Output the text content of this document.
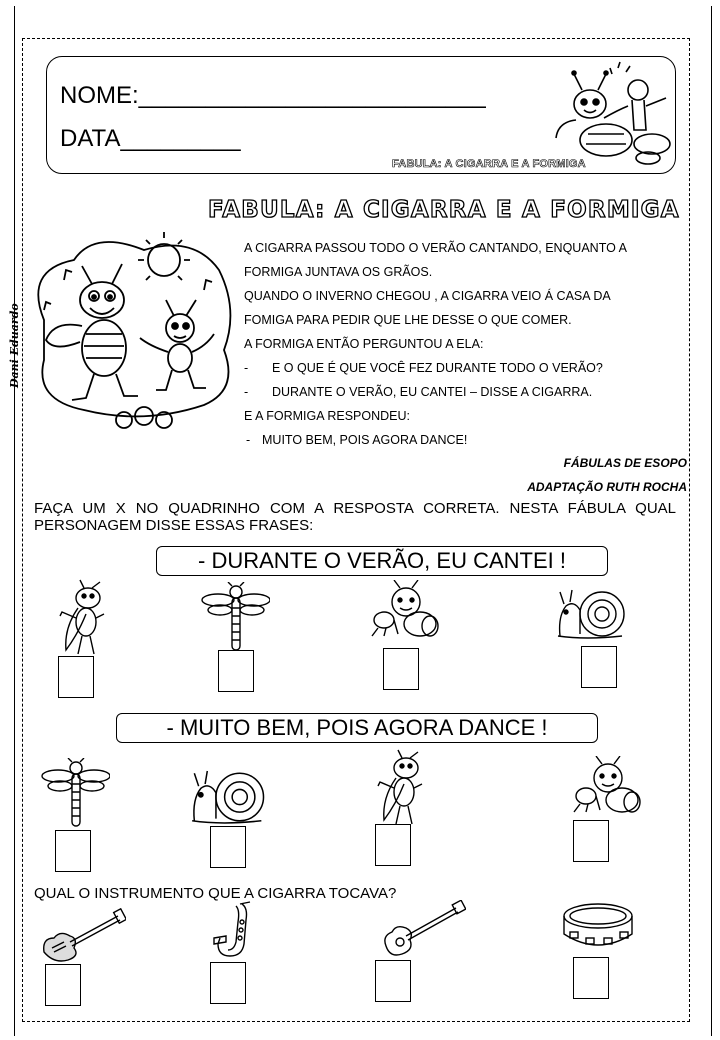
NOME:__________________________
DATA_________
FABULA: A CIGARRA E A FORMIGA
FABULA: A CIGARRA E A FORMIGA
Dani Eduardo
A CIGARRA PASSOU TODO O VERÃO CANTANDO, ENQUANTO A
FORMIGA JUNTAVA OS GRÃOS.
QUANDO O INVERNO CHEGOU , A CIGARRA VEIO Á CASA DA
FOMIGA PARA PEDIR QUE LHE DESSE O QUE COMER.
A FORMIGA ENTÃO PERGUNTOU A ELA:
- E O QUE É QUE VOCÊ FEZ DURANTE TODO O VERÃO?
- DURANTE O VERÃO, EU CANTEI – DISSE A CIGARRA.
E A FORMIGA RESPONDEU:
- MUITO BEM, POIS AGORA DANCE!
FÁBULAS DE ESOPO
ADAPTAÇÃO RUTH ROCHA
FAÇA UM X NO QUADRINHO COM A RESPOSTA CORRETA. NESTA FÁBULA QUAL PERSONAGEM DISSE ESSAS FRASES:
- DURANTE O VERÃO, EU CANTEI !
- MUITO BEM, POIS AGORA DANCE !
QUAL O INSTRUMENTO QUE A CIGARRA TOCAVA?
